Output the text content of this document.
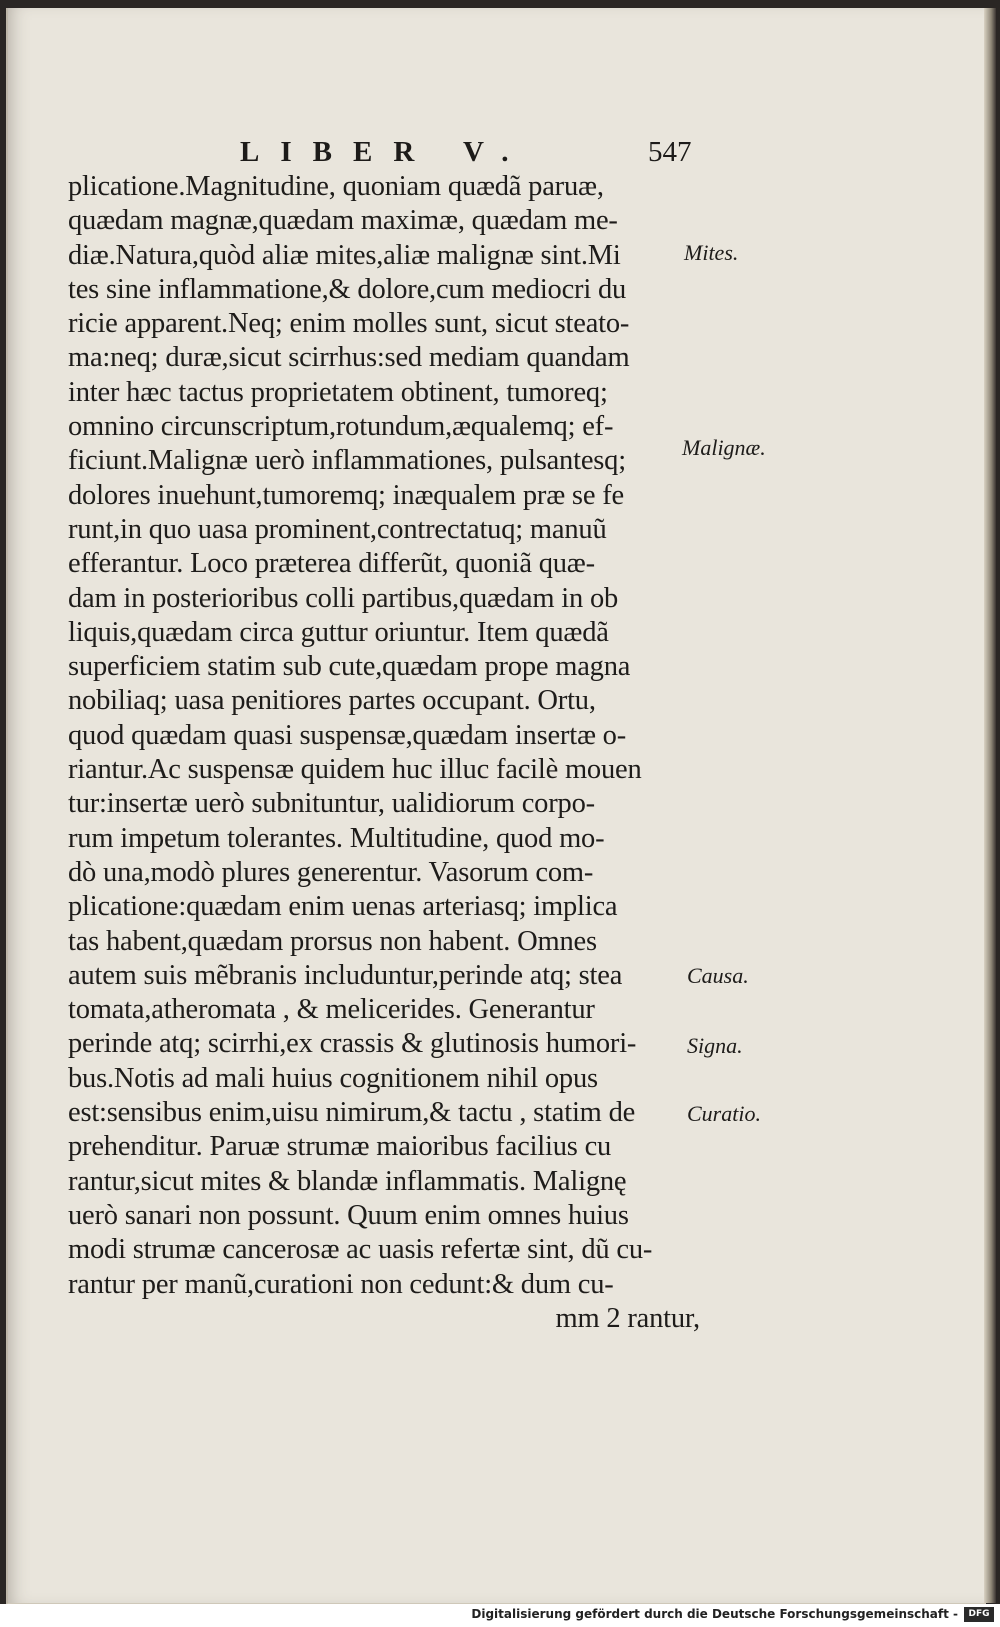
LIBER V.	547
plicatione.Magnitudine, quoniam quædã paruæ,
quædam magnæ,quædam maximæ, quædam me-
diæ.Natura,quòd aliæ mites,aliæ malignæ sint.Mi
tes sine inflammatione,& dolore,cum mediocri du
ricie apparent.Neq; enim molles sunt, sicut steato-
ma:neq; duræ,sicut scirrhus:sed mediam quandam
inter hæc tactus proprietatem obtinent, tumoreq;
omnino circunscriptum,rotundum,æqualemq; ef-
ficiunt.Malignæ uerò inflammationes, pulsantesq;
dolores inuehunt,tumoremq; inæqualem præ se fe
runt,in quo uasa prominent,contrectatuq; manuũ
efferantur. Loco præterea differũt, quoniã quæ-
dam in posterioribus colli partibus,quædam in ob
liquis,quædam circa guttur oriuntur. Item quædã
superficiem statim sub cute,quædam prope magna
nobiliaq; uasa penitiores partes occupant. Ortu,
quod quædam quasi suspensæ,quædam insertæ o-
riantur.Ac suspensæ quidem huc illuc facilè mouen
tur:insertæ uerò subnituntur, ualidiorum corpo-
rum impetum tolerantes. Multitudine, quod mo-
dò una,modò plures generentur. Vasorum com-
plicatione:quædam enim uenas arteriasq; implica
tas habent,quædam prorsus non habent. Omnes
autem suis mẽbranis includuntur,perinde atq; stea
tomata,atheromata , & melicerides. Generantur
perinde atq; scirrhi,ex crassis & glutinosis humori-
bus.Notis ad mali huius cognitionem nihil opus
est:sensibus enim,uisu nimirum,& tactu , statim de
prehenditur. Paruæ strumæ maioribus facilius cu
rantur,sicut mites & blandæ inflammatis. Malignę
uerò sanari non possunt. Quum enim omnes huius
modi strumæ cancerosæ ac uasis refertæ sint, dũ cu-
rantur per manũ,curationi non cedunt:& dum cu-
mm 2 rantur,
Mites.
Malignæ.
Causa.
Signa.
Curatio.
Digitalisierung gefördert durch die Deutsche Forschungsgemeinschaft -	DFG
